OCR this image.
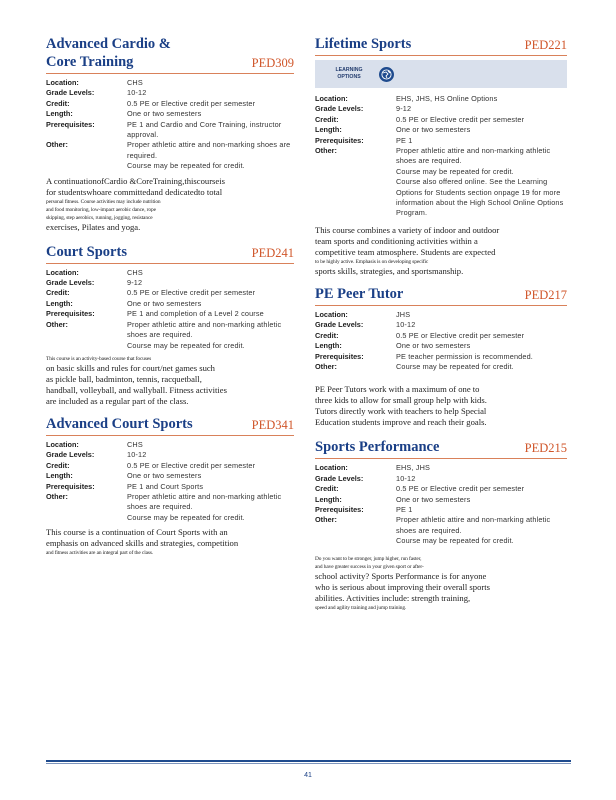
Advanced Cardio &
Core Training	PED309
Location:	CHS
Grade Levels:	10-12
Credit:	0.5 PE or Elective credit per semester
Length:	One or two semesters
Prerequisites:	PE 1 and Cardio and Core Training, instructor
approval.
Other:	Proper athletic attire and non-marking shoes are
required.
Course may be repeated for credit.
A continuationofCardio &CoreTraining,thiscourseis
for studentswhoare committedand dedicatedto total
personal fitness. Course activities may include nutrition
and food monitoring, low-impact aerobic dance, rope
skipping, step aerobics, running, jogging, resistance
exercises, Pilates and yoga.
Court Sports	PED241
Location:	CHS
Grade Levels:	9-12
Credit:	0.5 PE or Elective credit per semester
Length:	One or two semesters
Prerequisites:	PE 1 and completion of a Level 2 course
Other:	Proper athletic attire and non-marking athletic
shoes are required.
Course may be repeated for credit.
This course is an activity-based course that focuses
on basic skills and rules for court/net games such
as pickle ball, badminton, tennis, racquetball,
handball, volleyball, and wallyball. Fitness activities
are included as a regular part of the class.
Advanced Court Sports	PED341
Location:	CHS
Grade Levels:	10-12
Credit:	0.5 PE or Elective credit per semester
Length:	One or two semesters
Prerequisites:	PE 1 and Court Sports
Other:	Proper athletic attire and non-marking athletic
shoes are required.
Course may be repeated for credit.
This course is a continuation of Court Sports with an
emphasis on advanced skills and strategies, competition
and fitness activities are an integral part of the class.
Lifetime Sports	PED221
LEARNING
OPTIONS
Location:	EHS, JHS, HS Online Options
Grade Levels:	9-12
Credit:	0.5 PE or Elective credit per semester
Length:	One or two semesters
Prerequisites:	PE 1
Other:	Proper athletic attire and non-marking athletic
shoes are required.
Course may be repeated for credit.
Course also offered online. See the Learning
Options for Students section onpage 19 for more
information about the High School Online Options
Program.
This course combines a variety of indoor and outdoor
team sports and conditioning activities within a
competitive team atmosphere. Students are expected
to be highly active. Emphasis is on developing specific
sports skills, strategies, and sportsmanship.
PE Peer Tutor	PED217
Location:	JHS
Grade Levels:	10-12
Credit:	0.5 PE or Elective credit per semester
Length:	One or two semesters
Prerequisites:	PE teacher permission is recommended.
Other:	Course may be repeated for credit.
PE Peer Tutors work with a maximum of one to
three kids to allow for small group help with kids.
Tutors directly work with teachers to help Special
Education students improve and reach their goals.
Sports Performance	PED215
Location:	EHS, JHS
Grade Levels:	10-12
Credit:	0.5 PE or Elective credit per semester
Length:	One or two semesters
Prerequisites:	PE 1
Other:	Proper athletic attire and non-marking athletic
shoes are required.
Course may be repeated for credit.
Do you want to be stronger, jump higher, run faster,
and have greater success in your given sport or after-
school activity? Sports Performance is for anyone
who is serious about improving their overall sports
abilities. Activities include: strength training,
speed and agility training and jump training.
41
